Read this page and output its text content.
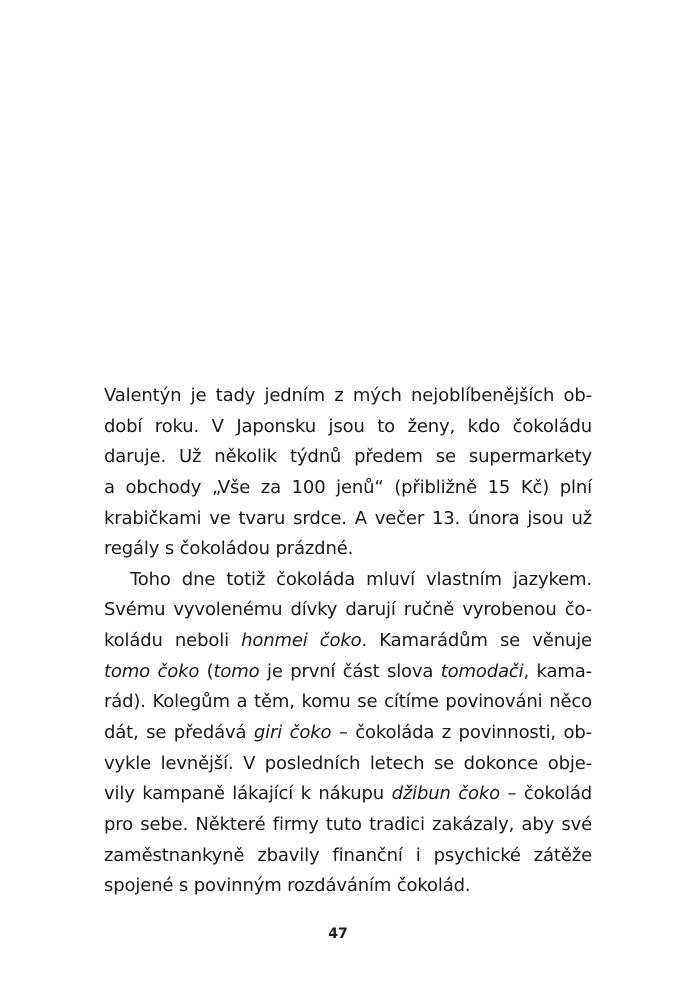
Valentýn je tady jedním z mých nejoblíbenějších ob-
dobí roku. V Japonsku jsou to ženy, kdo čokoládu
daruje. Už několik týdnů předem se supermarkety
a obchody „Vše za 100 jenů“ (přibližně 15 Kč) plní
krabičkami ve tvaru srdce. A večer 13. února jsou už
regály s čokoládou prázdné.
Toho dne totiž čokoláda mluví vlastním jazykem.
Svému vyvolenému dívky darují ručně vyrobenou čo-
koládu neboli honmei čoko. Kamarádům se věnuje
tomo čoko (tomo je první část slova tomodači, kama-
rád). Kolegům a těm, komu se cítíme povinováni něco
dát, se předává giri čoko – čokoláda z povinnosti, ob-
vykle levnější. V posledních letech se dokonce obje-
vily kampaně lákající k nákupu džibun čoko – čokolád
pro sebe. Některé firmy tuto tradici zakázaly, aby své
zaměstnankyně zbavily finanční i psychické zátěže
spojené s povinným rozdáváním čokolád.
47
